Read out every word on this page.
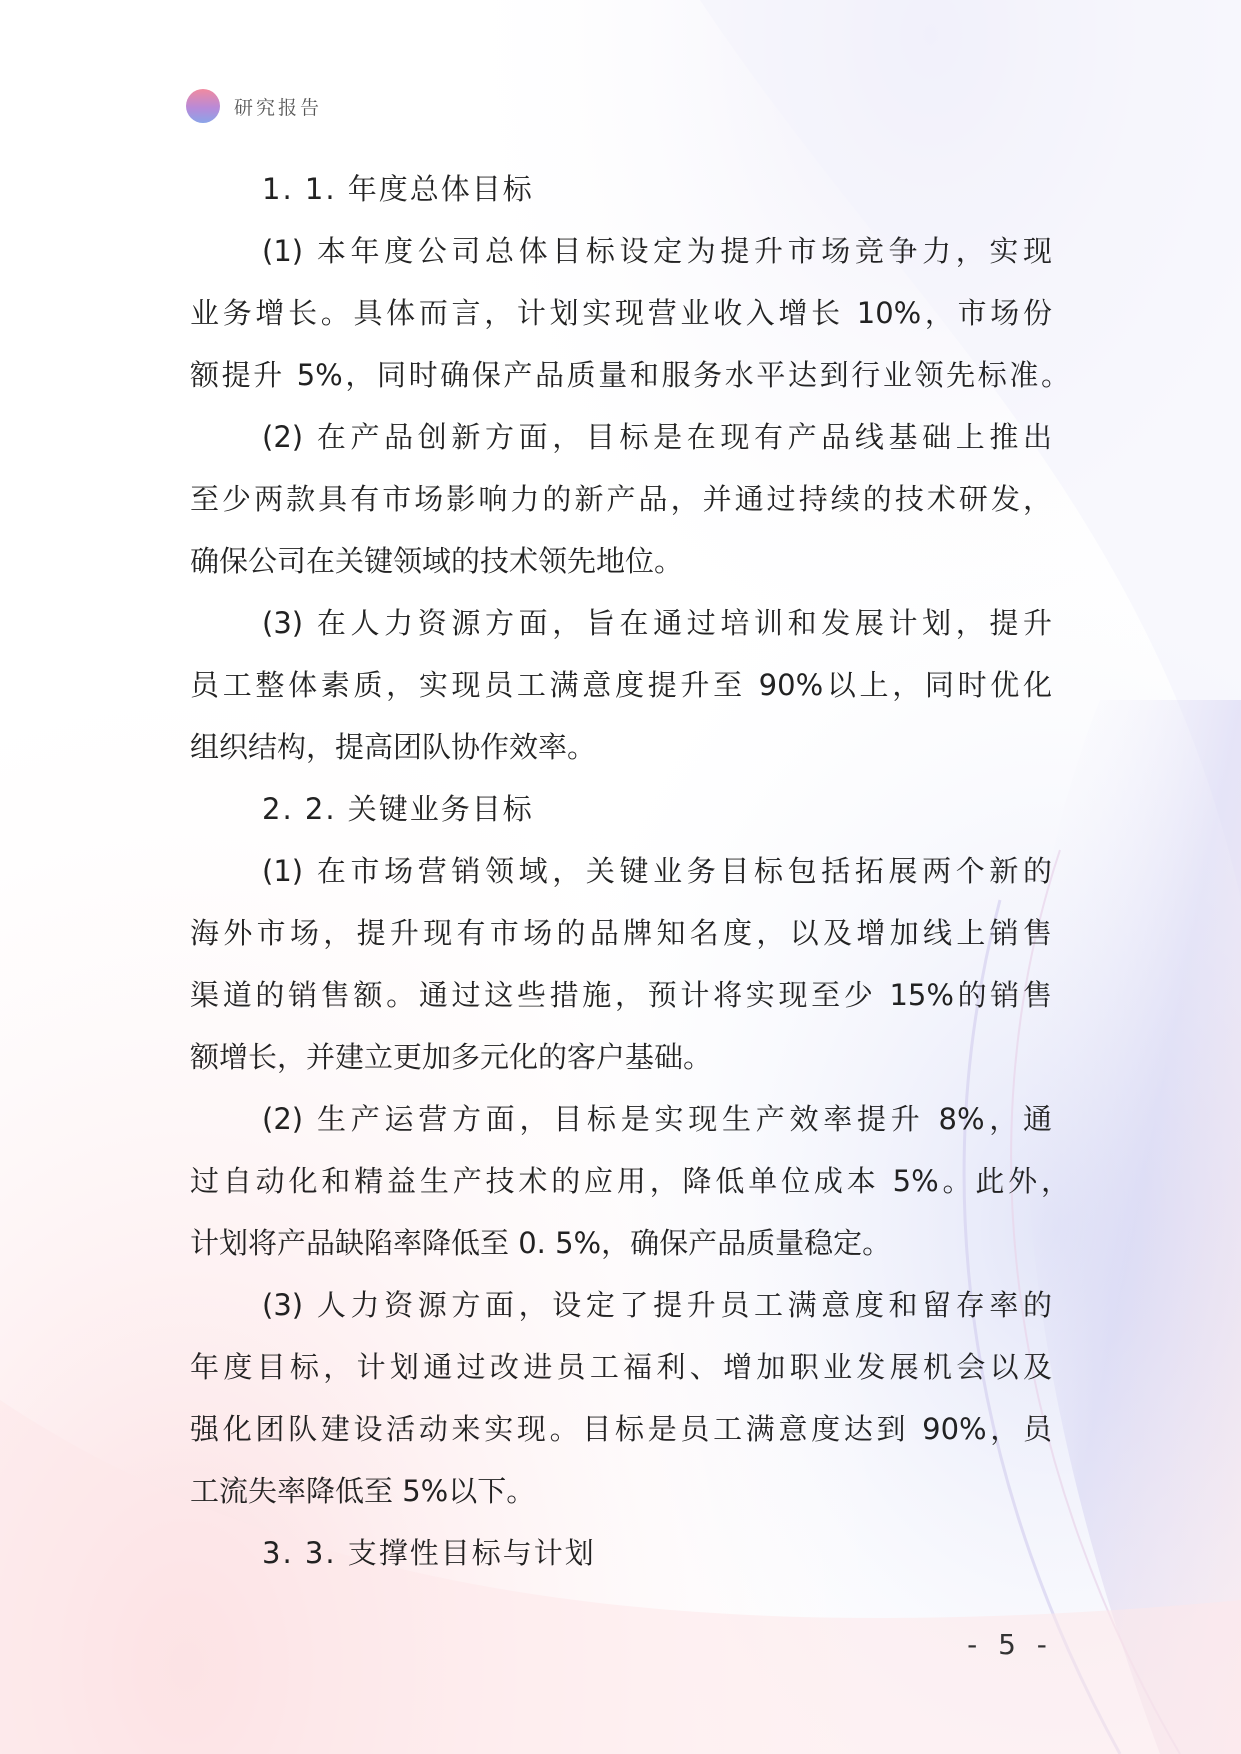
研究报告
1. 1. 年度总体目标
(1) 本年度公司总体目标设定为提升市场竞争力，实现
业务增长。具体而言，计划实现营业收入增长 10%，市场份
额提升 5%，同时确保产品质量和服务水平达到行业领先标准。
(2) 在产品创新方面，目标是在现有产品线基础上推出
至少两款具有市场影响力的新产品，并通过持续的技术研发，
确保公司在关键领域的技术领先地位。
(3) 在人力资源方面，旨在通过培训和发展计划，提升
员工整体素质，实现员工满意度提升至 90%以上，同时优化
组织结构，提高团队协作效率。
2. 2. 关键业务目标
(1) 在市场营销领域，关键业务目标包括拓展两个新的
海外市场，提升现有市场的品牌知名度，以及增加线上销售
渠道的销售额。通过这些措施，预计将实现至少 15%的销售
额增长，并建立更加多元化的客户基础。
(2) 生产运营方面，目标是实现生产效率提升 8%，通
过自动化和精益生产技术的应用，降低单位成本 5%。此外，
计划将产品缺陷率降低至 0. 5%，确保产品质量稳定。
(3) 人力资源方面，设定了提升员工满意度和留存率的
年度目标，计划通过改进员工福利、增加职业发展机会以及
强化团队建设活动来实现。目标是员工满意度达到 90%，员
工流失率降低至 5%以下。
3. 3. 支撑性目标与计划
- 5 -
